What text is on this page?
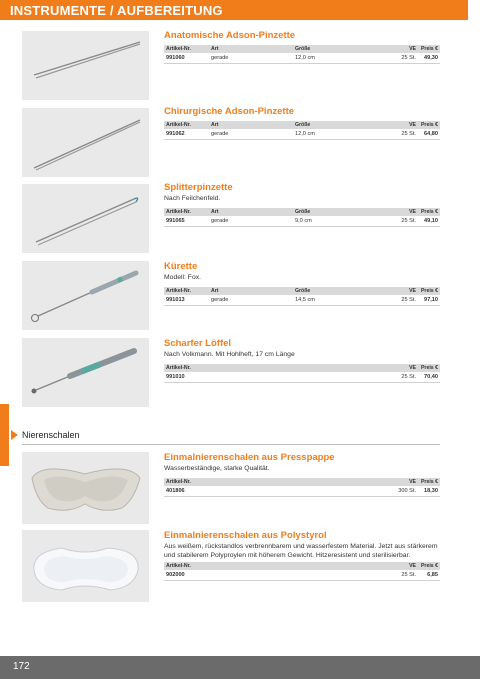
INSTRUMENTE / AUFBEREITUNG
Anatomische Adson-Pinzette
Artikel-Nr.	Art	Größe	VE Preis €
991060	gerade	12,0 cm	25 St.	49,30
Chirurgische Adson-Pinzette
Artikel-Nr.	Art	Größe	VE Preis €
991062	gerade	12,0 cm	25 St.	64,80
Splitterpinzette
Nach Feilchenfeld.
Artikel-Nr.	Art	Größe	VE Preis €
991065	gerade	9,0 cm	25 St.	49,10
Kürette
Modell: Fox.
Artikel-Nr.	Art	Größe	VE Preis €
991013	gerade	14,5 cm	25 St.	97,10
Scharfer Löffel
Nach Volkmann. Mit Hohlheft, 17 cm Länge
Artikel-Nr.	VE Preis €
991010	25 St.	70,40
Nierenschalen
Einmalnierenschalen aus Presspappe
Wasserbeständige, starke Qualität.
Artikel-Nr.	VE Preis €
401806	300 St.	18,30
Einmalnierenschalen aus Polystyrol
Aus weißem, rückstandlos verbrennbarem und wasserfestem Material. Jetzt aus stärkerem und stabilerem Polyproylen mit höherem Gewicht. Hitzeresistent und sterilisierbar.
Artikel-Nr.	VE Preis €
902000	25 St.	6,85
172
